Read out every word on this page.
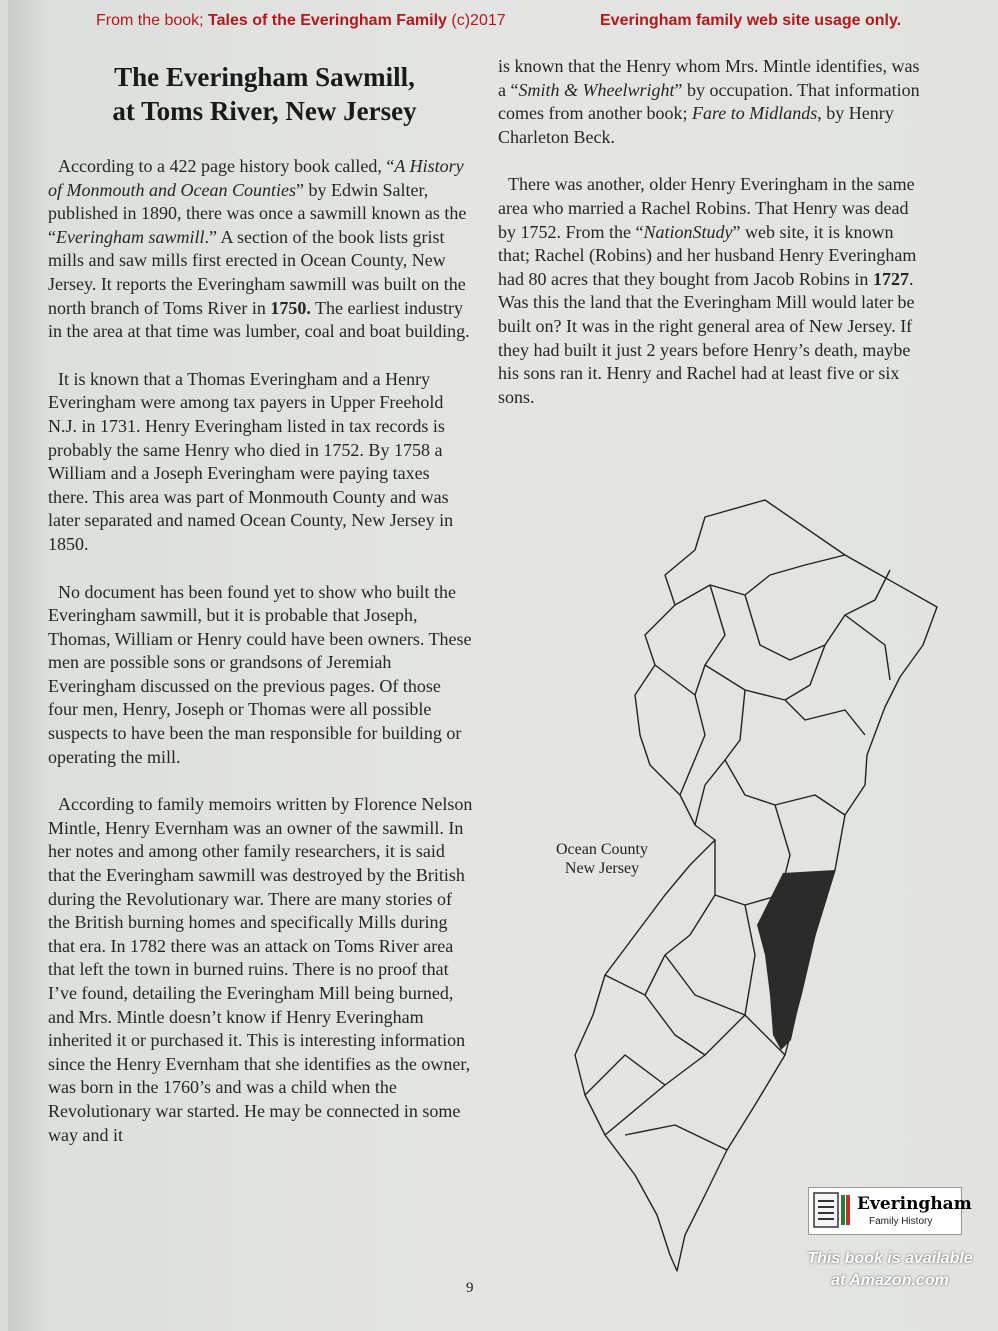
From the book; Tales of the Everingham Family (c)2017	Everingham family web site usage only.
The Everingham Sawmill,
at Toms River, New Jersey

According to a 422 page history book called, “A History of Monmouth and Ocean Counties” by Edwin Salter, published in 1890, there was once a sawmill known as the “Everingham sawmill.” A section of the book lists grist mills and saw mills first erected in Ocean County, New Jersey. It reports the Everingham sawmill was built on the north branch of Toms River in 1750. The earliest industry in the area at that time was lumber, coal and boat building.

It is known that a Thomas Everingham and a Henry Everingham were among tax payers in Upper Freehold N.J. in 1731. Henry Everingham listed in tax records is probably the same Henry who died in 1752. By 1758 a William and a Joseph Everingham were paying taxes there. This area was part of Monmouth County and was later separated and named Ocean County, New Jersey in 1850.

No document has been found yet to show who built the Everingham sawmill, but it is probable that Joseph, Thomas, William or Henry could have been owners. These men are possible sons or grandsons of Jeremiah Everingham discussed on the previous pages. Of those four men, Henry, Joseph or Thomas were all possible suspects to have been the man responsible for building or operating the mill.

According to family memoirs written by Florence Nelson Mintle, Henry Evernham was an owner of the sawmill. In her notes and among other family researchers, it is said that the Everingham sawmill was destroyed by the British during the Revolutionary war. There are many stories of the British burning homes and specifically Mills during that era. In 1782 there was an attack on Toms River area that left the town in burned ruins. There is no proof that I’ve found, detailing the Everingham Mill being burned, and Mrs. Mintle doesn’t know if Henry Everingham inherited it or purchased it. This is interesting information since the Henry Evernham that she identifies as the owner, was born in the 1760’s and was a child when the Revolutionary war started. He may be connected in some way and it

is known that the Henry whom Mrs. Mintle identifies, was a “Smith & Wheelwright” by occupation. That information comes from another book; Fare to Midlands, by Henry Charleton Beck.

There was another, older Henry Everingham in the same area who married a Rachel Robins. That Henry was dead by 1752. From the “NationStudy” web site, it is known that; Rachel (Robins) and her husband Henry Everingham had 80 acres that they bought from Jacob Robins in 1727. Was this the land that the Everingham Mill would later be built on? It was in the right general area of New Jersey. If they had built it just 2 years before Henry’s death, maybe his sons ran it. Henry and Rachel had at least five or six sons.

Ocean County
New Jersey
9
Everingham
Family History
This book is available
at Amazon.com
